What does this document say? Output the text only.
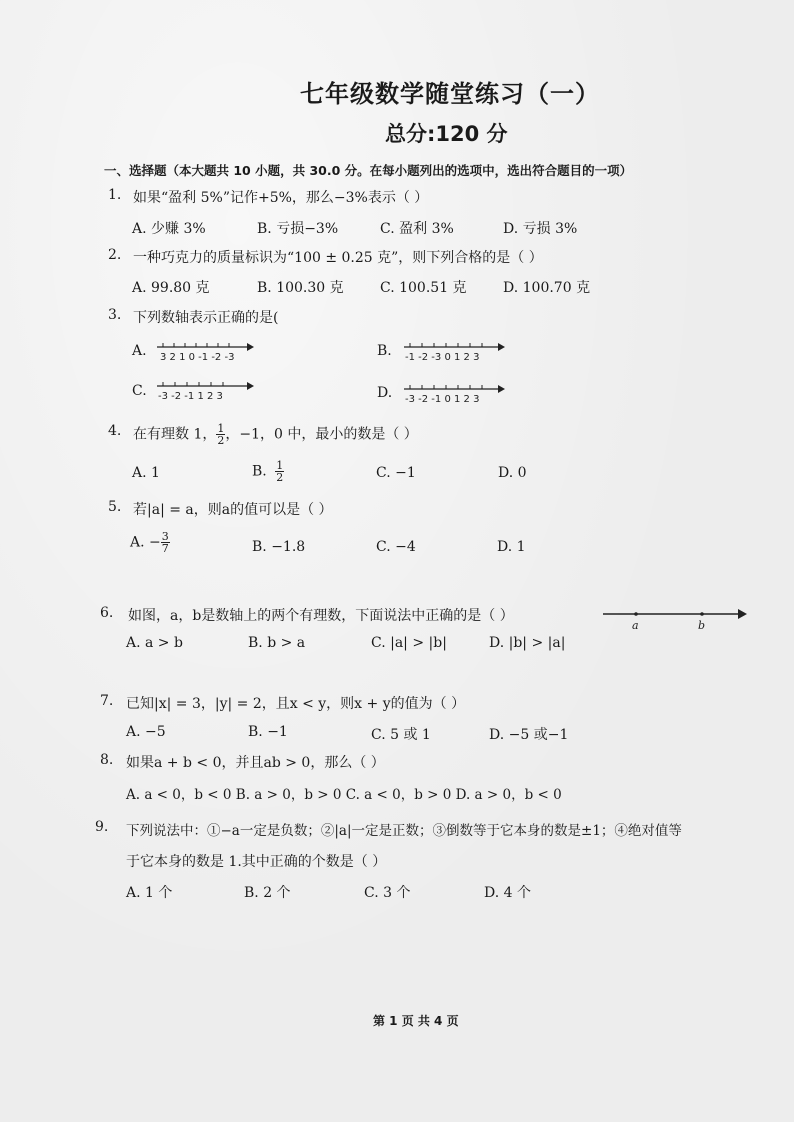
七年级数学随堂练习（一）
总分:120 分
一、选择题（本大题共 10 小题，共 30.0 分。在每小题列出的选项中，选出符合题目的一项）
1. 如果“盈利 5%”记作+5%，那么−3%表示（ ）
A. 少赚 3%	B. 亏损−3%	C. 盈利 3%	D. 亏损 3%
2. 一种巧克力的质量标识为“100 ± 0.25 克”，则下列合格的是（ ）
A. 99.80 克	B. 100.30 克	C. 100.51 克	D. 100.70 克
3. 下列数轴表示正确的是(
A. 3 2 1 0 -1 -2 -3	B. -1 -2 -3 0 1 2 3
C. -3 -2 -1 1 2 3	D. -3 -2 -1 0 1 2 3
4. 在有理数 1， $\frac{1}{2}$ ，−1，0 中，最小的数是（ ）
A. 1	B. $\frac{1}{2}$	C. −1	D. 0
5. 若|a| = a，则a的值可以是（ ）
A. − $\frac{3}{7}$	B. −1.8	C. −4	D. 1
6. 如图，a，b是数轴上的两个有理数，下面说法中正确的是（ ）
a	b
A. a > b	B. b > a	C. |a| > |b|	D. |b| > |a|
7. 已知|x| = 3，|y| = 2，且x < y，则x + y的值为（ ）
A. −5	B. −1	C. 5 或 1	D. −5 或−1
8. 如果a + b < 0，并且ab > 0，那么（ ）
A. a < 0，b < 0 B. a > 0，b > 0 C. a < 0，b > 0 D. a > 0，b < 0
9. 下列说法中：①−a一定是负数；②|a|一定是正数；③倒数等于它本身的数是±1；④绝对值等
于它本身的数是 1.其中正确的个数是（ ）
A. 1 个	B. 2 个	C. 3 个	D. 4 个
第 1 页 共 4 页
